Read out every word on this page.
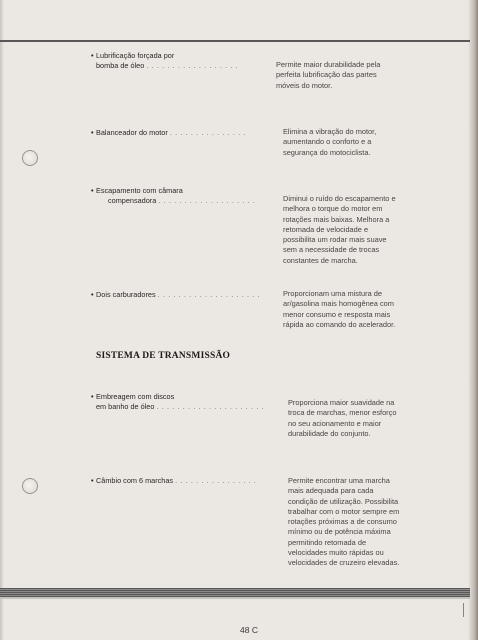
• Lubrificação forçada por
bomba de óleo . . . . . . . . . . . . . . . . . .	Permite maior durabilidade pela
perfeita lubrificação das partes
móveis do motor.
• Balanceador do motor . . . . . . . . . . . . . . .	Elimina a vibração do motor,
aumentando o conforto e a
segurança do motociclista.
• Escapamento com câmara
compensadora . . . . . . . . . . . . . . . . . . .	Diminui o ruído do escapamento e
melhora o torque do motor em
rotações mais baixas. Melhora a
retomada de velocidade e
possibilita um rodar mais suave
sem a necessidade de trocas
constantes de marcha.
• Dois carburadores . . . . . . . . . . . . . . . . . . . .	Proporcionam uma mistura de
ar/gasolina mais homogênea com
menor consumo e resposta mais
rápida ao comando do acelerador.
SISTEMA DE TRANSMISSÃO
• Embreagem com discos
em banho de óleo . . . . . . . . . . . . . . . . . . . . .	Proporciona maior suavidade na
troca de marchas, menor esforço
no seu acionamento e maior
durabilidade do conjunto.
• Câmbio com 6 marchas . . . . . . . . . . . . . . . .	Permite encontrar uma marcha
mais adequada para cada
condição de utilização. Possibilita
trabalhar com o motor sempre em
rotações próximas a de consumo
mínimo ou de potência máxima
permitindo retomada de
velocidades muito rápidas ou
velocidades de cruzeiro elevadas.
48 C
